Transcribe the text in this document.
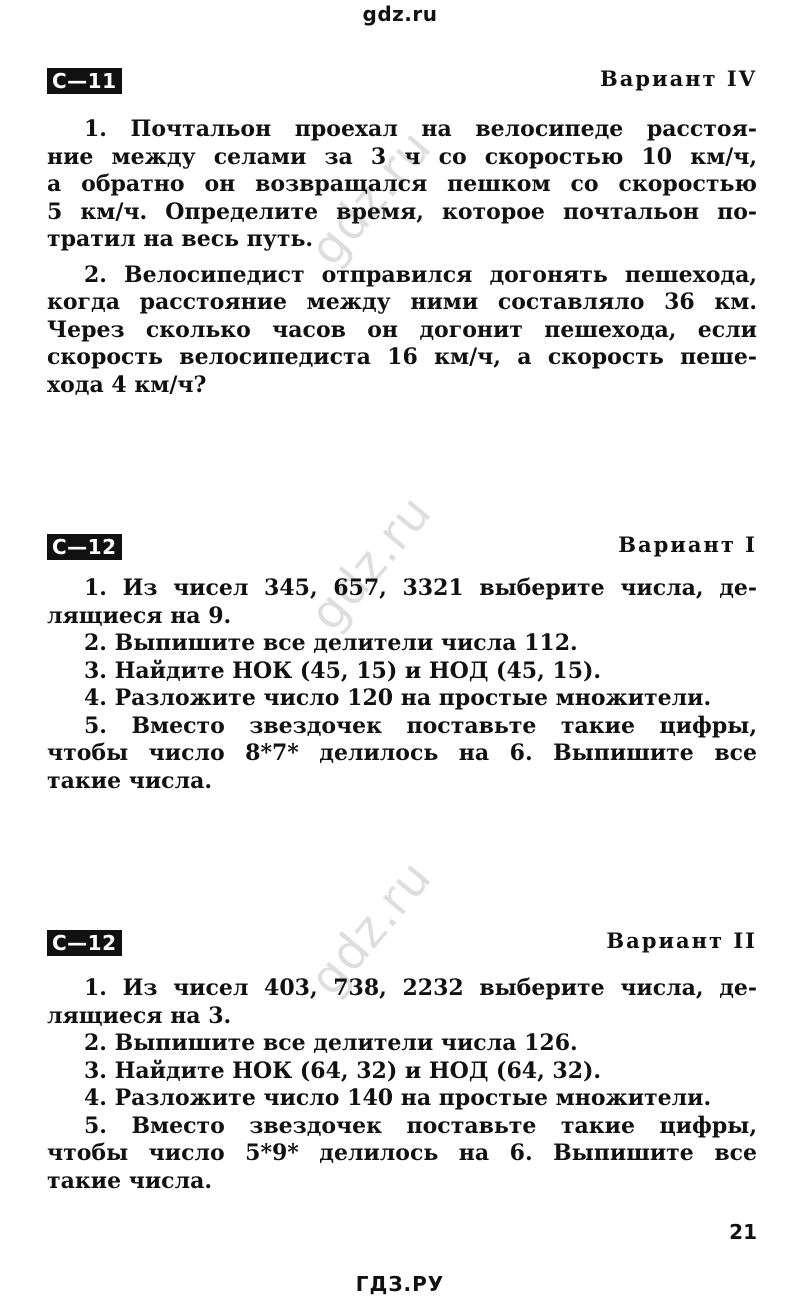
gdz.ru
gdz.ru
gdz.ru
gdz.ru
С—11	Вариант IV

1. Почтальон проехал на велосипеде расстоя-
ние между селами за 3 ч со скоростью 10 км/ч,
а обратно он возвращался пешком со скоростью
5 км/ч. Определите время, которое почтальон по-
тратил на весь путь.

2. Велосипедист отправился догонять пешехода,
когда расстояние между ними составляло 36 км.
Через сколько часов он догонит пешехода, если
скорость велосипедиста 16 км/ч, а скорость пеше-
хода 4 км/ч?

С—12	Вариант I

1. Из чисел 345, 657, 3321 выберите числа, де-
лящиеся на 9.

2. Выпишите все делители числа 112.

3. Найдите НОК (45, 15) и НОД (45, 15).

4. Разложите число 120 на простые множители.

5. Вместо звездочек поставьте такие цифры,
чтобы число 8*7* делилось на 6. Выпишите все
такие числа.

С—12	Вариант II

1. Из чисел 403, 738, 2232 выберите числа, де-
лящиеся на 3.

2. Выпишите все делители числа 126.

3. Найдите НОК (64, 32) и НОД (64, 32).

4. Разложите число 140 на простые множители.

5. Вместо звездочек поставьте такие цифры,
чтобы число 5*9* делилось на 6. Выпишите все
такие числа.

21
ГДЗ.РУ
